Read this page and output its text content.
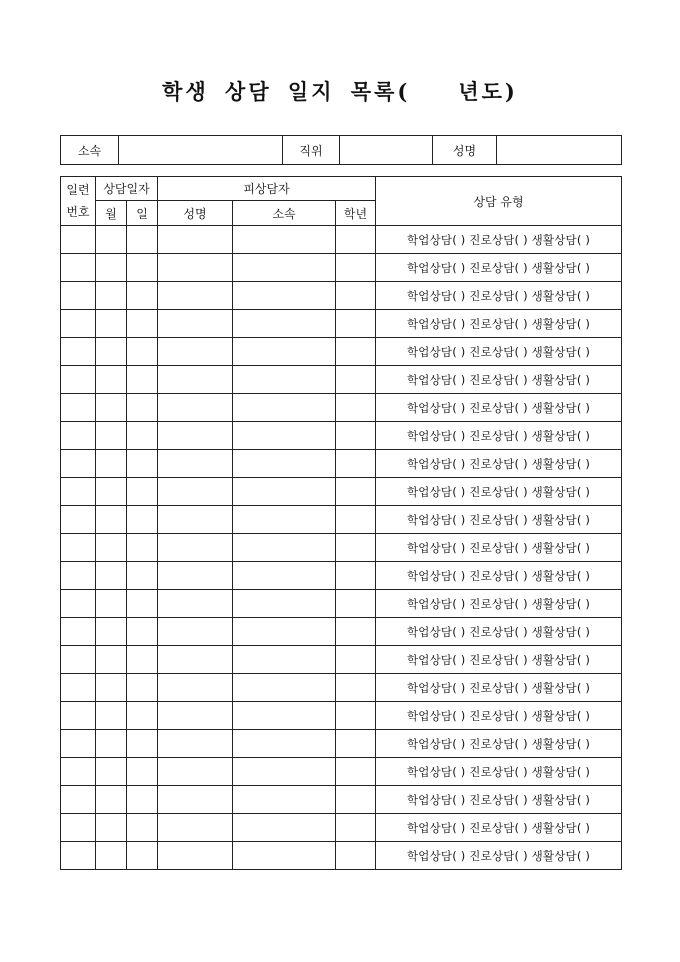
학생 상담 일지 목록( 년도)
소속		직위		성명	
일련
번호	상담일자		피상담자			상담 유형
	월	일	성명	소속	학년	
						학업상담( ) 진로상담( ) 생활상담( )
						학업상담( ) 진로상담( ) 생활상담( )
						학업상담( ) 진로상담( ) 생활상담( )
						학업상담( ) 진로상담( ) 생활상담( )
						학업상담( ) 진로상담( ) 생활상담( )
						학업상담( ) 진로상담( ) 생활상담( )
						학업상담( ) 진로상담( ) 생활상담( )
						학업상담( ) 진로상담( ) 생활상담( )
						학업상담( ) 진로상담( ) 생활상담( )
						학업상담( ) 진로상담( ) 생활상담( )
						학업상담( ) 진로상담( ) 생활상담( )
						학업상담( ) 진로상담( ) 생활상담( )
						학업상담( ) 진로상담( ) 생활상담( )
						학업상담( ) 진로상담( ) 생활상담( )
						학업상담( ) 진로상담( ) 생활상담( )
						학업상담( ) 진로상담( ) 생활상담( )
						학업상담( ) 진로상담( ) 생활상담( )
						학업상담( ) 진로상담( ) 생활상담( )
						학업상담( ) 진로상담( ) 생활상담( )
						학업상담( ) 진로상담( ) 생활상담( )
						학업상담( ) 진로상담( ) 생활상담( )
						학업상담( ) 진로상담( ) 생활상담( )
						학업상담( ) 진로상담( ) 생활상담( )
